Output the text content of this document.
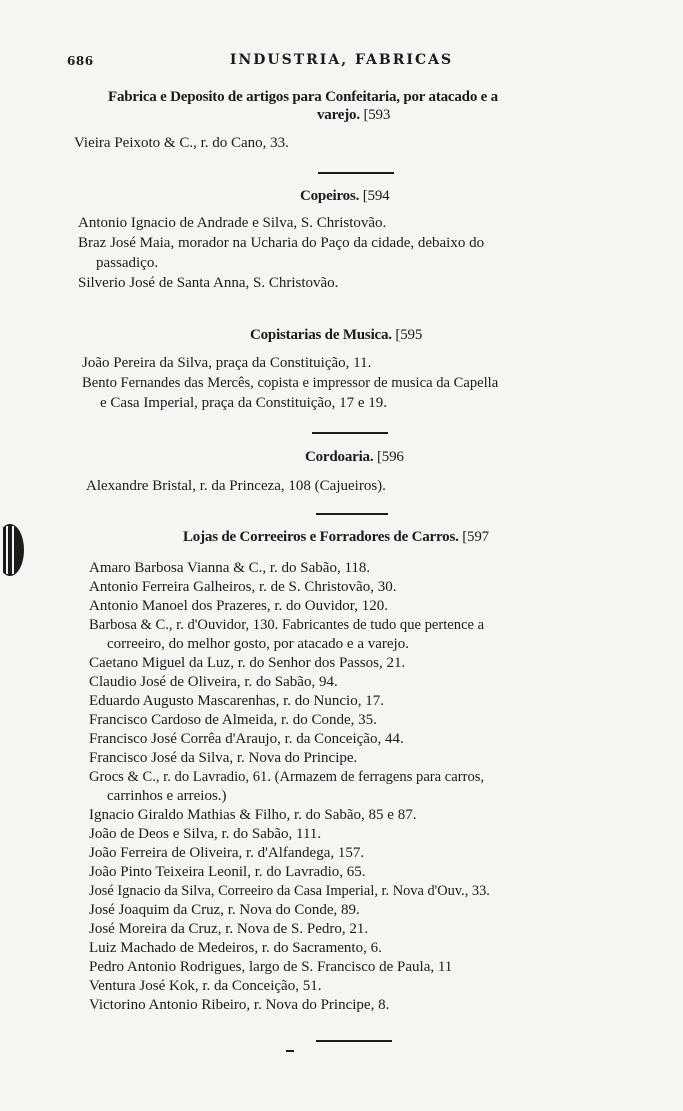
686	INDUSTRIA, FABRICAS
Fabrica e Deposito de artigos para Confeitaria, por atacado e a
varejo. [593
Vieira Peixoto & C., r. do Cano, 33.
Copeiros. [594
Antonio Ignacio de Andrade e Silva, S. Christovão.
Braz José Maia, morador na Ucharia do Paço da cidade, debaixo do
passadiço.
Silverio José de Santa Anna, S. Christovão.
Copistarias de Musica. [595
João Pereira da Silva, praça da Constituição, 11.
Bento Fernandes das Mercês, copista e impressor de musica da Capella
e Casa Imperial, praça da Constituição, 17 e 19.
Cordoaria. [596
Alexandre Bristal, r. da Princeza, 108 (Cajueiros).
Lojas de Correeiros e Forradores de Carros. [597
Amaro Barbosa Vianna & C., r. do Sabão, 118.
Antonio Ferreira Galheiros, r. de S. Christovão, 30.
Antonio Manoel dos Prazeres, r. do Ouvidor, 120.
Barbosa & C., r. d'Ouvidor, 130. Fabricantes de tudo que pertence a
correeiro, do melhor gosto, por atacado e a varejo.
Caetano Miguel da Luz, r. do Senhor dos Passos, 21.
Claudio José de Oliveira, r. do Sabão, 94.
Eduardo Augusto Mascarenhas, r. do Nuncio, 17.
Francisco Cardoso de Almeida, r. do Conde, 35.
Francisco José Corrêa d'Araujo, r. da Conceição, 44.
Francisco José da Silva, r. Nova do Principe.
Grocs & C., r. do Lavradio, 61. (Armazem de ferragens para carros,
carrinhos e arreios.)
Ignacio Giraldo Mathias & Filho, r. do Sabão, 85 e 87.
João de Deos e Silva, r. do Sabão, 111.
João Ferreira de Oliveira, r. d'Alfandega, 157.
João Pinto Teixeira Leonil, r. do Lavradio, 65.
José Ignacio da Silva, Correeiro da Casa Imperial, r. Nova d'Ouv., 33.
José Joaquim da Cruz, r. Nova do Conde, 89.
José Moreira da Cruz, r. Nova de S. Pedro, 21.
Luiz Machado de Medeiros, r. do Sacramento, 6.
Pedro Antonio Rodrigues, largo de S. Francisco de Paula, 11
Ventura José Kok, r. da Conceição, 51.
Victorino Antonio Ribeiro, r. Nova do Principe, 8.
